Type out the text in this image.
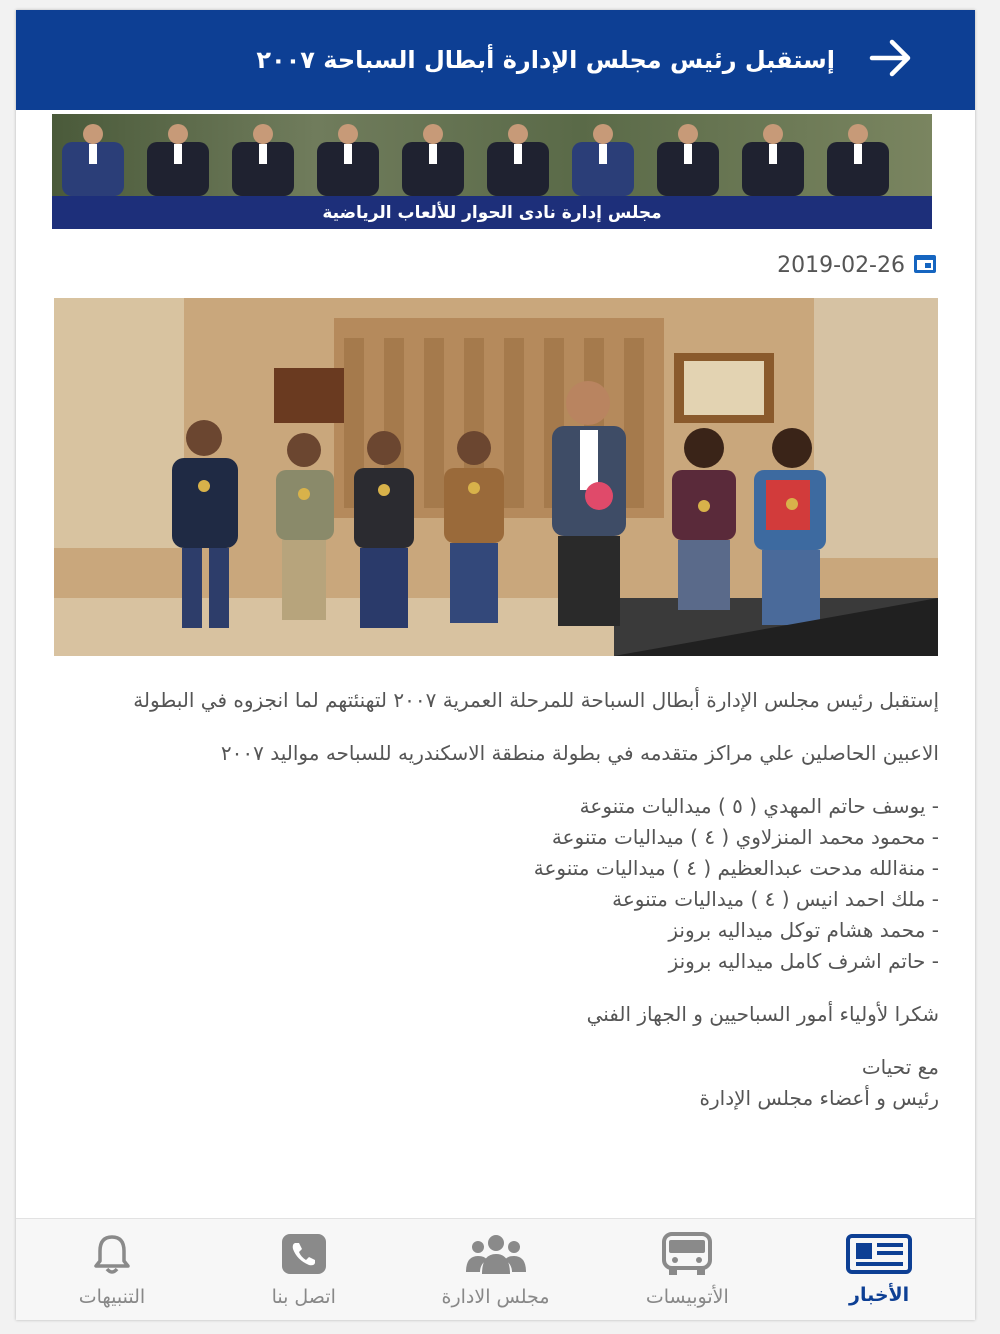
إستقبل رئيس مجلس الإدارة أبطال السباحة ٢٠٠٧
مجلس إدارة نادى الحوار للألعاب الرياضية
2019-02-26

إستقبل رئيس مجلس الإدارة أبطال السباحة للمرحلة العمرية ٢٠٠٧ لتهنئتهم لما انجزوه في البطولة

الاعبين الحاصلين علي مراكز متقدمه في بطولة منطقة الاسكندريه للسباحه مواليد ٢٠٠٧

- يوسف حاتم المهدي ( ٥ ) ميداليات متنوعة
- محمود محمد المنزلاوي ( ٤ ) ميداليات متنوعة
- منةالله مدحت عبدالعظيم ( ٤ ) ميداليات متنوعة
- ملك احمد انيس ( ٤ ) ميداليات متنوعة
- محمد هشام توكل ميداليه برونز
- حاتم اشرف كامل ميداليه برونز

شكرا لأولياء أمور السباحيين و الجهاز الفني

مع تحيات
رئيس و أعضاء مجلس الإدارة

الأخبار
الأتوبيسات
مجلس الادارة
اتصل بنا
التنبيهات
